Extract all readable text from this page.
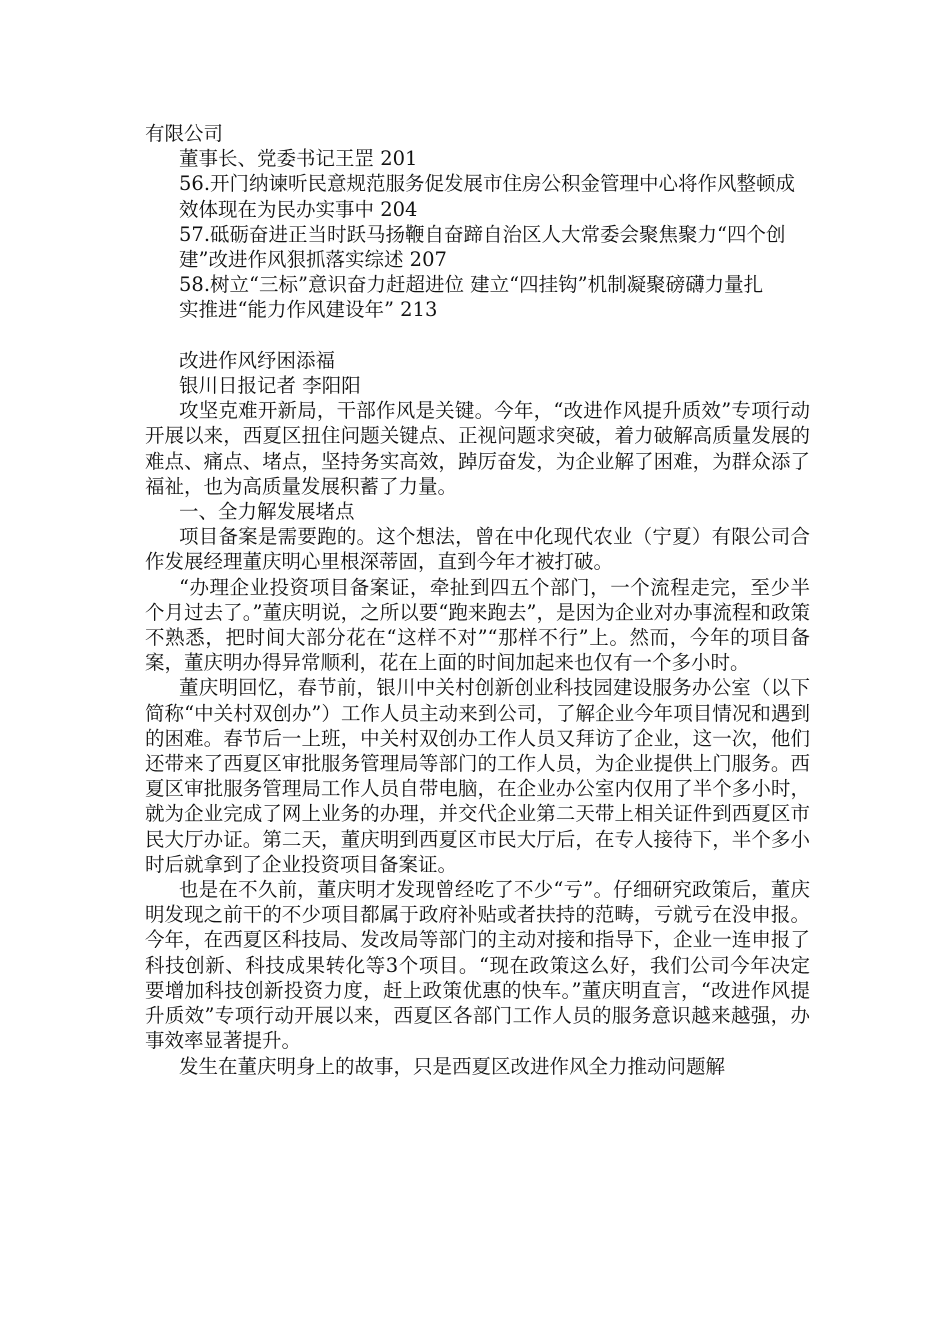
有限公司
董事长、党委书记王罡 201
56.开门纳谏听民意规范服务促发展市住房公积金管理中心将作风整顿成
效体现在为民办实事中 204
57.砥砺奋进正当时跃马扬鞭自奋蹄自治区人大常委会聚焦聚力“四个创
建”改进作风狠抓落实综述 207
58.树立“三标”意识奋力赶超进位 建立“四挂钩”机制凝聚磅礴力量扎
实推进“能力作风建设年” 213
改进作风纾困添福
银川日报记者 李阳阳
攻坚克难开新局，干部作风是关键。今年，“改进作风提升质效”专项行动开展以来，西夏区扭住问题关键点、正视问题求突破，着力破解高质量发展的难点、痛点、堵点，坚持务实高效，踔厉奋发，为企业解了困难，为群众添了福祉，也为高质量发展积蓄了力量。
一、全力解发展堵点
项目备案是需要跑的。这个想法，曾在中化现代农业（宁夏）有限公司合作发展经理董庆明心里根深蒂固，直到今年才被打破。
“办理企业投资项目备案证，牵扯到四五个部门，一个流程走完，至少半个月过去了。”董庆明说，之所以要“跑来跑去”，是因为企业对办事流程和政策不熟悉，把时间大部分花在“这样不对”“那样不行”上。然而，今年的项目备案，董庆明办得异常顺利，花在上面的时间加起来也仅有一个多小时。
董庆明回忆，春节前，银川中关村创新创业科技园建设服务办公室（以下简称“中关村双创办”）工作人员主动来到公司，了解企业今年项目情况和遇到的困难。春节后一上班，中关村双创办工作人员又拜访了企业，这一次，他们还带来了西夏区审批服务管理局等部门的工作人员，为企业提供上门服务。西夏区审批服务管理局工作人员自带电脑，在企业办公室内仅用了半个多小时，就为企业完成了网上业务的办理，并交代企业第二天带上相关证件到西夏区市民大厅办证。第二天，董庆明到西夏区市民大厅后，在专人接待下，半个多小时后就拿到了企业投资项目备案证。
也是在不久前，董庆明才发现曾经吃了不少“亏”。仔细研究政策后，董庆明发现之前干的不少项目都属于政府补贴或者扶持的范畴，亏就亏在没申报。今年，在西夏区科技局、发改局等部门的主动对接和指导下，企业一连申报了科技创新、科技成果转化等3个项目。“现在政策这么好，我们公司今年决定要增加科技创新投资力度，赶上政策优惠的快车。”董庆明直言，“改进作风提升质效”专项行动开展以来，西夏区各部门工作人员的服务意识越来越强，办事效率显著提升。
发生在董庆明身上的故事，只是西夏区改进作风全力推动问题解
